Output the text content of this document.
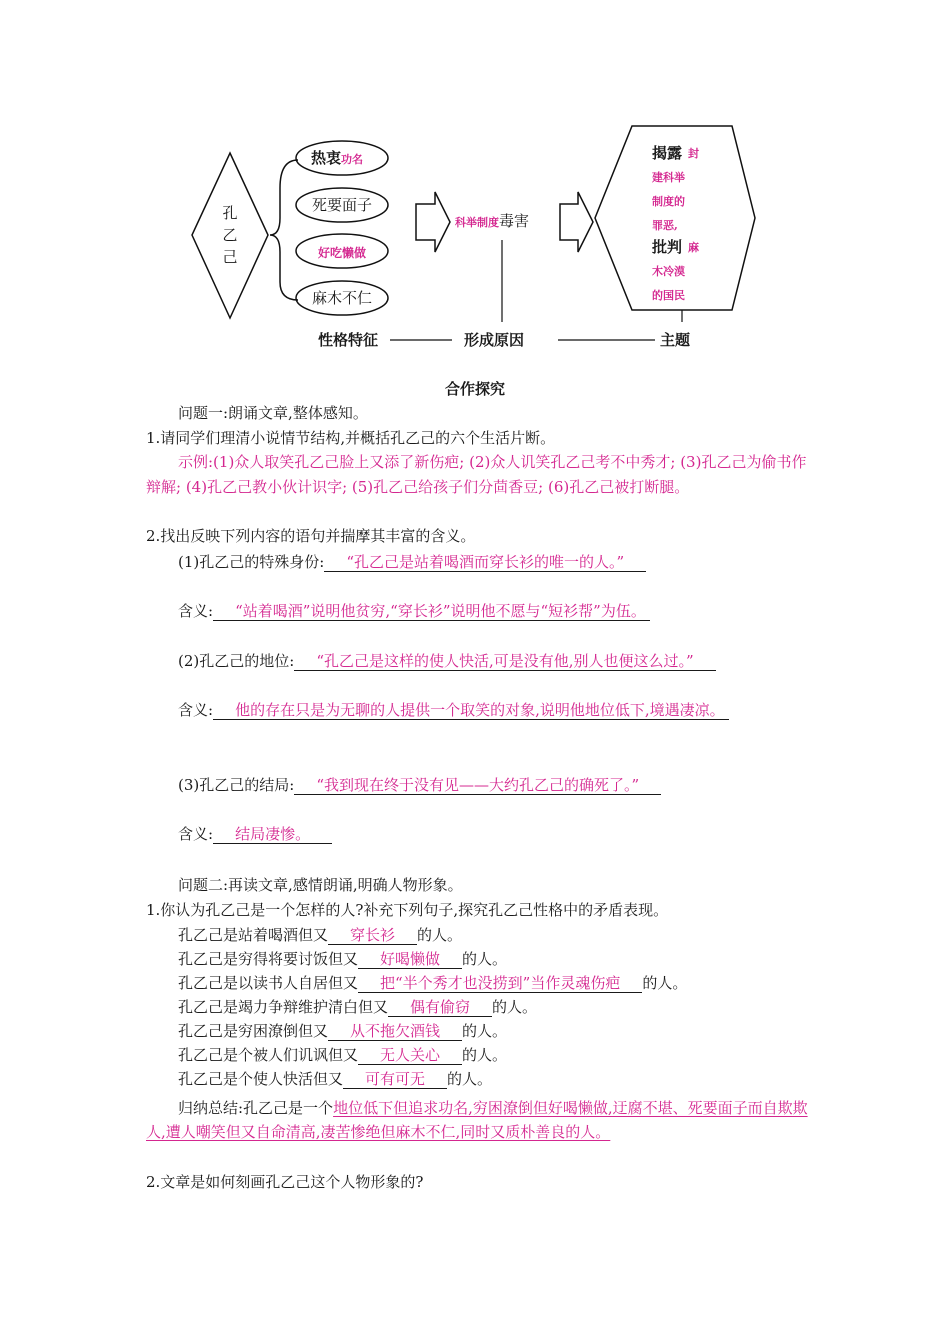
孔
乙
己
热衷功名
死要面子
好吃懒做
麻木不仁
科举制度毒害
揭露 封
建科举
制度的
罪恶,
批判 麻
木冷漠
的国民
性格特征	形成原因	主题
合作探究
问题一:朗诵文章,整体感知。
1.请同学们理清小说情节结构,并概括孔乙己的六个生活片断。
示例:(1)众人取笑孔乙己脸上又添了新伤疤; (2)众人讥笑孔乙己考不中秀才; (3)孔乙己为偷书作辩解; (4)孔乙己教小伙计识字; (5)孔乙己给孩子们分茴香豆; (6)孔乙己被打断腿。
2.找出反映下列内容的语句并揣摩其丰富的含义。
(1)孔乙己的特殊身份: “孔乙己是站着喝酒而穿长衫的唯一的人。”
含义: “站着喝酒”说明他贫穷,“穿长衫”说明他不愿与“短衫帮”为伍。
(2)孔乙己的地位: “孔乙己是这样的使人快活,可是没有他,别人也便这么过。”
含义: 他的存在只是为无聊的人提供一个取笑的对象,说明他地位低下,境遇凄凉。
(3)孔乙己的结局: “我到现在终于没有见——大约孔乙己的确死了。”
含义: 结局凄惨。
问题二:再读文章,感情朗诵,明确人物形象。
1.你认为孔乙己是一个怎样的人?补充下列句子,探究孔乙己性格中的矛盾表现。
孔乙己是站着喝酒但又 穿长衫 的人。
孔乙己是穷得将要讨饭但又 好喝懒做 的人。
孔乙己是以读书人自居但又 把“半个秀才也没捞到”当作灵魂伤疤 的人。
孔乙己是竭力争辩维护清白但又 偶有偷窃 的人。
孔乙己是穷困潦倒但又 从不拖欠酒钱 的人。
孔乙己是个被人们讥讽但又 无人关心 的人。
孔乙己是个使人快活但又 可有可无 的人。
归纳总结:孔乙己是一个地位低下但追求功名,穷困潦倒但好喝懒做,迂腐不堪、死要面子而自欺欺人,遭人嘲笑但又自命清高,凄苦惨绝但麻木不仁,同时又质朴善良的人。
2.文章是如何刻画孔乙己这个人物形象的?
